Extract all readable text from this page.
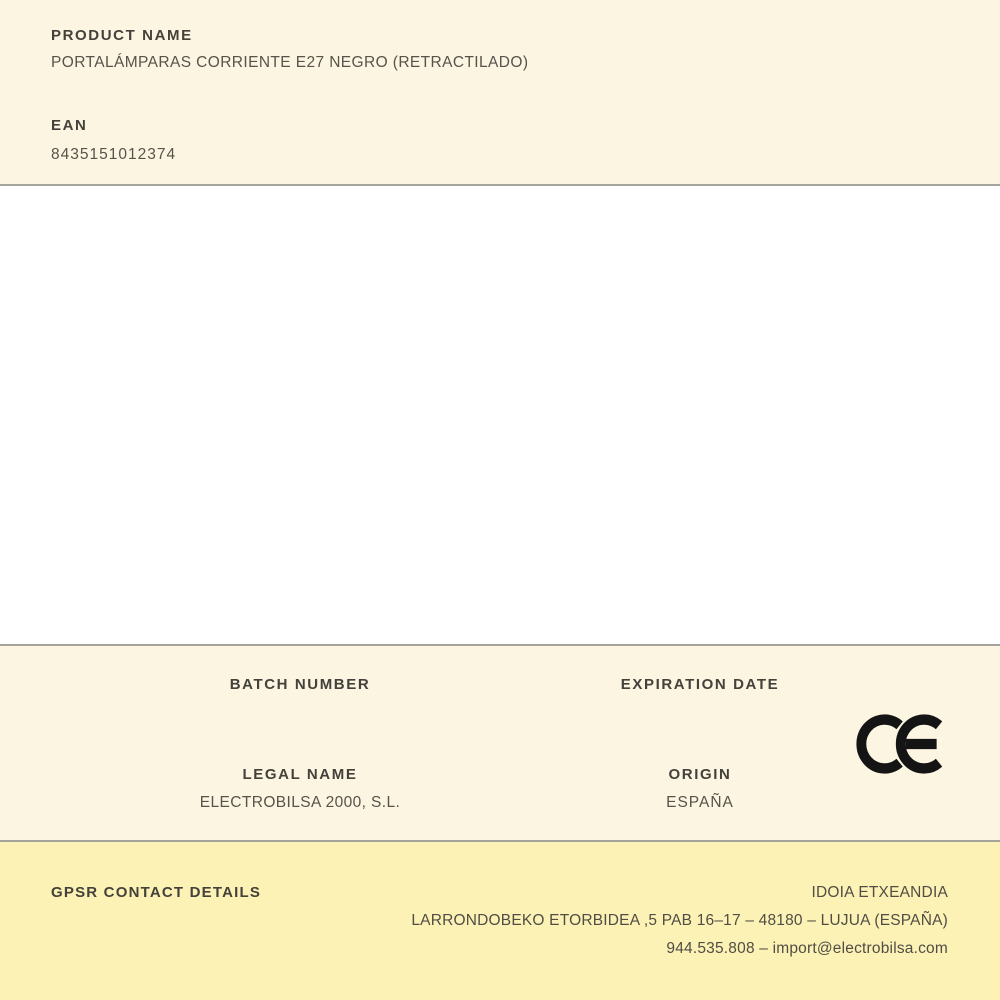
PRODUCT NAME
PORTALÁMPARAS CORRIENTE E27 NEGRO (RETRACTILADO)
EAN
8435151012374
BATCH NUMBER	EXPIRATION DATE
LEGAL NAME
ELECTROBILSA 2000, S.L.
ORIGIN
ESPAÑA
GPSR CONTACT DETAILS	IDOIA ETXEANDIA
LARRONDOBEKO ETORBIDEA ,5 PAB 16–17 – 48180 – LUJUA (ESPAÑA)
944.535.808 – import@electrobilsa.com
